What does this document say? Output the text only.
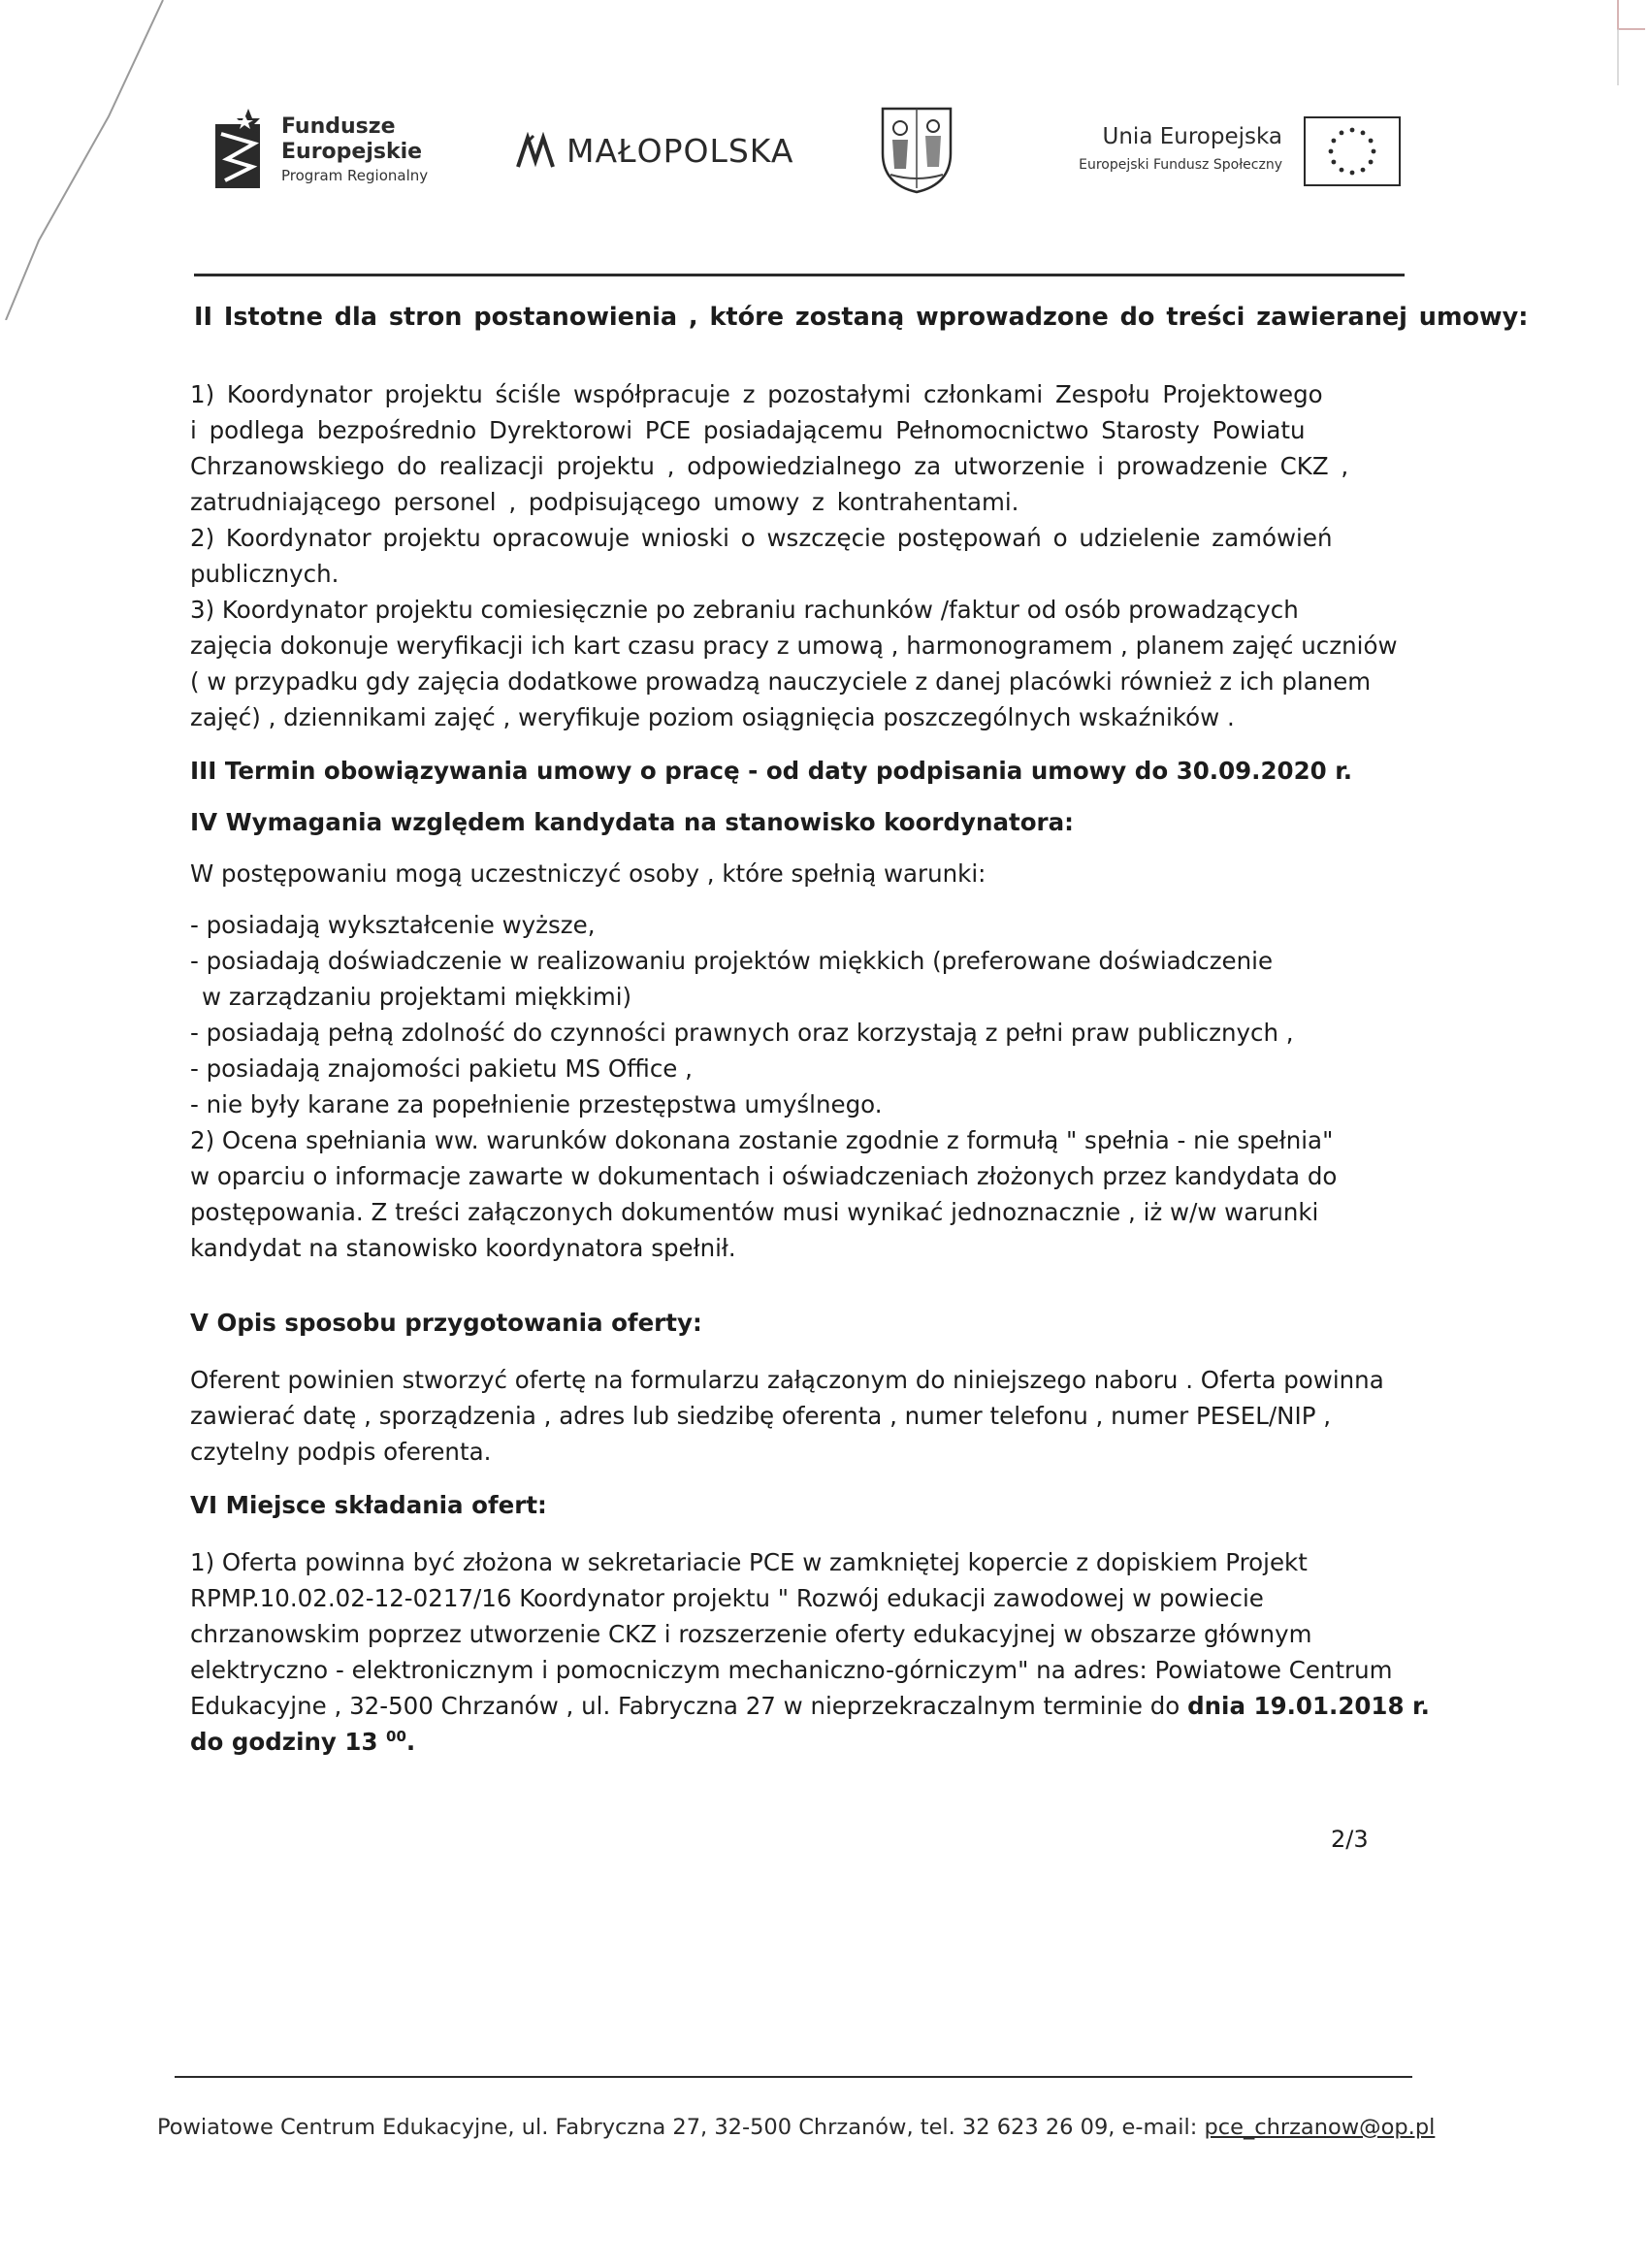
Fundusze
Europejskie
Program Regionalny
MAŁOPOLSKA	Unia Europejska
Europejski Fundusz Społeczny
II Istotne dla stron postanowienia , które zostaną wprowadzone do treści zawieranej umowy:
1) Koordynator projektu ściśle współpracuje z pozostałymi członkami Zespołu Projektowego
i podlega bezpośrednio Dyrektorowi PCE posiadającemu Pełnomocnictwo Starosty Powiatu
Chrzanowskiego do realizacji projektu , odpowiedzialnego za utworzenie i prowadzenie CKZ ,
zatrudniającego personel , podpisującego umowy z kontrahentami.
2) Koordynator projektu opracowuje wnioski o wszczęcie postępowań o udzielenie zamówień
publicznych.
3) Koordynator projektu comiesięcznie po zebraniu rachunków /faktur od osób prowadzących
zajęcia dokonuje weryfikacji ich kart czasu pracy z umową , harmonogramem , planem zajęć uczniów
( w przypadku gdy zajęcia dodatkowe prowadzą nauczyciele z danej placówki również z ich planem
zajęć) , dziennikami zajęć , weryfikuje poziom osiągnięcia poszczególnych wskaźników .
III Termin obowiązywania umowy o pracę - od daty podpisania umowy do 30.09.2020 r.
IV Wymagania względem kandydata na stanowisko koordynatora:
W postępowaniu mogą uczestniczyć osoby , które spełnią warunki:
- posiadają wykształcenie wyższe,
- posiadają doświadczenie w realizowaniu projektów miękkich (preferowane doświadczenie
w zarządzaniu projektami miękkimi)
- posiadają pełną zdolność do czynności prawnych oraz korzystają z pełni praw publicznych ,
- posiadają znajomości pakietu MS Office ,
- nie były karane za popełnienie przestępstwa umyślnego.
2) Ocena spełniania ww. warunków dokonana zostanie zgodnie z formułą " spełnia - nie spełnia"
w oparciu o informacje zawarte w dokumentach i oświadczeniach złożonych przez kandydata do
postępowania. Z treści załączonych dokumentów musi wynikać jednoznacznie , iż w/w warunki
kandydat na stanowisko koordynatora spełnił.
V Opis sposobu przygotowania oferty:
Oferent powinien stworzyć ofertę na formularzu załączonym do niniejszego naboru . Oferta powinna
zawierać datę , sporządzenia , adres lub siedzibę oferenta , numer telefonu , numer PESEL/NIP ,
czytelny podpis oferenta.
VI Miejsce składania ofert:
1) Oferta powinna być złożona w sekretariacie PCE w zamkniętej kopercie z dopiskiem Projekt
RPMP.10.02.02-12-0217/16 Koordynator projektu " Rozwój edukacji zawodowej w powiecie
chrzanowskim poprzez utworzenie CKZ i rozszerzenie oferty edukacyjnej w obszarze głównym
elektryczno - elektronicznym i pomocniczym mechaniczno-górniczym" na adres: Powiatowe Centrum
Edukacyjne , 32-500 Chrzanów , ul. Fabryczna 27 w nieprzekraczalnym terminie do dnia 19.01.2018 r.
do godziny 13 $^{00}$.
2/3
Powiatowe Centrum Edukacyjne, ul. Fabryczna 27, 32-500 Chrzanów, tel. 32 623 26 09, e-mail: pce_chrzanow@op.pl
